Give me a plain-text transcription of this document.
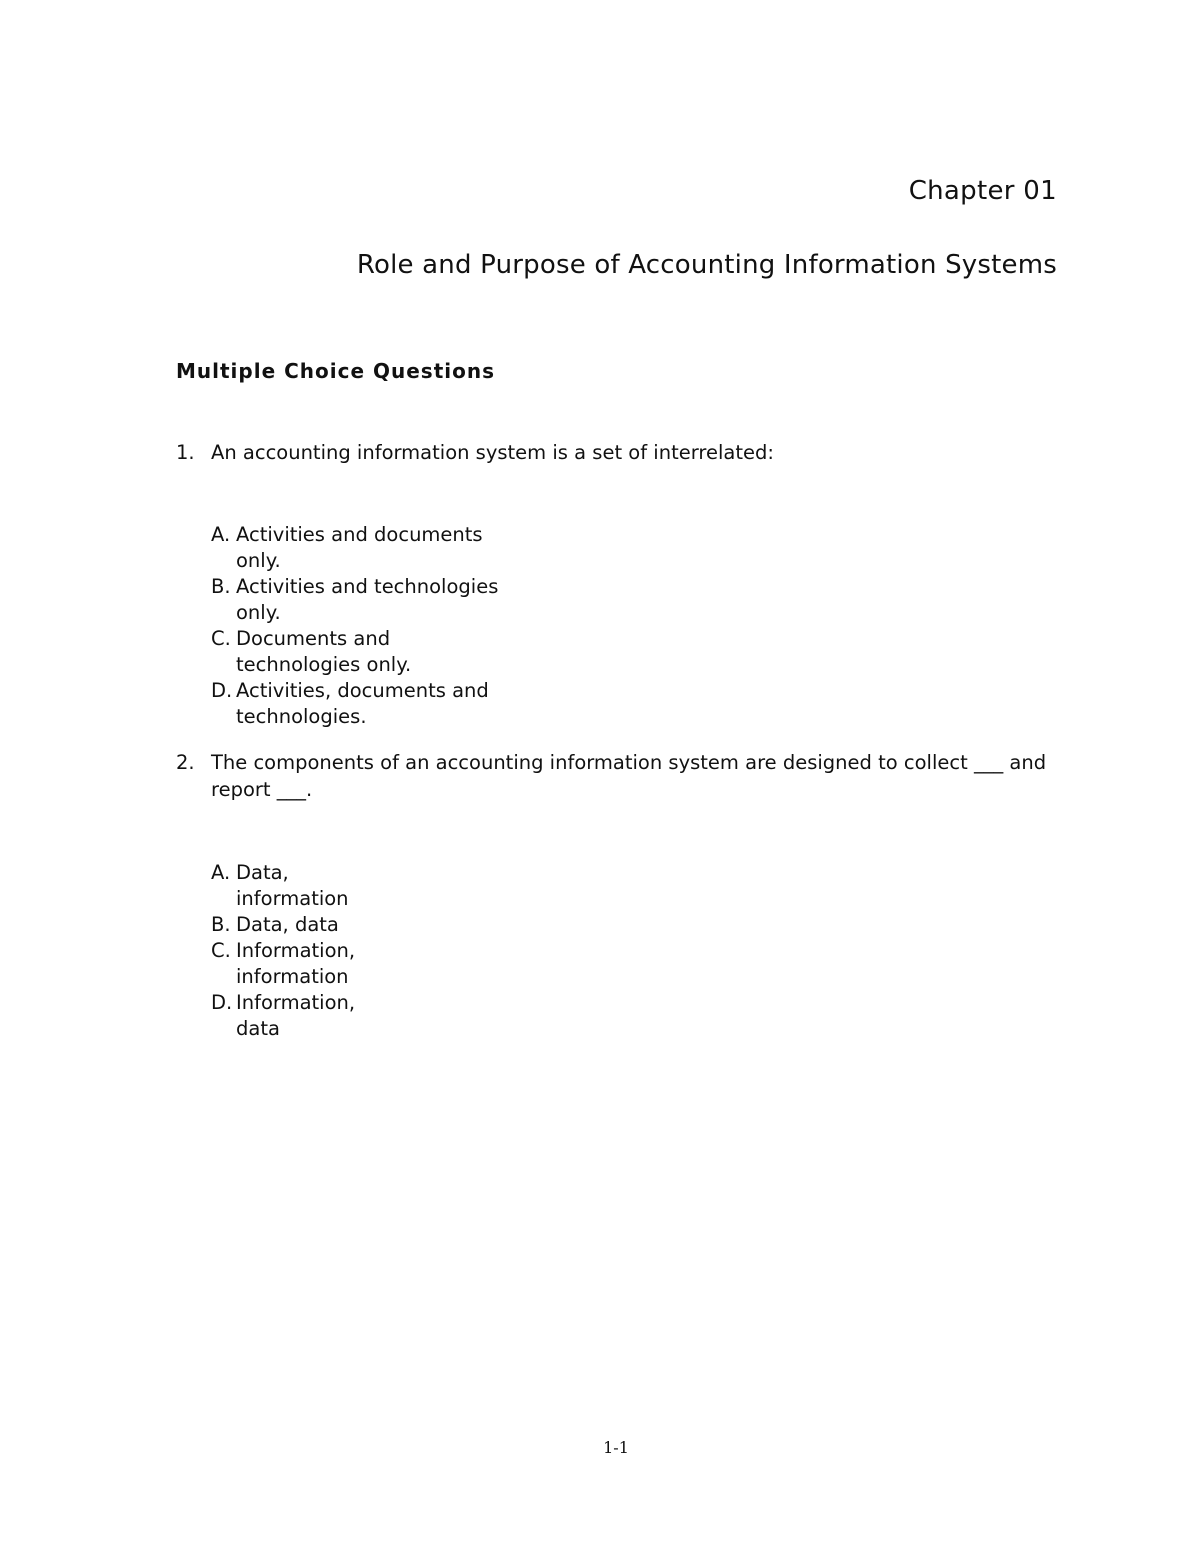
Chapter 01
Role and Purpose of Accounting Information Systems
Multiple Choice Questions
1. An accounting information system is a set of interrelated:
A. Activities and documents only.
B. Activities and technologies only.
C. Documents and technologies only.
D. Activities, documents and technologies.
2. The components of an accounting information system are designed to collect ___ and report ___.
A. Data, information
B. Data, data
C. Information, information
D. Information, data
1-1
